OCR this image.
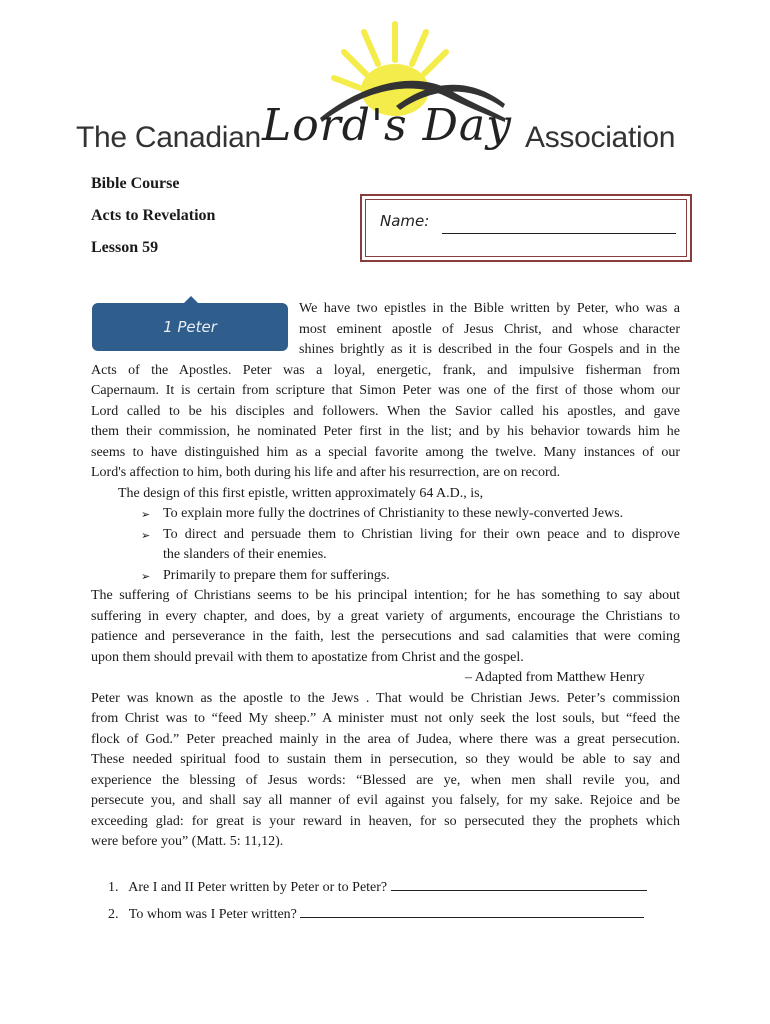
The Canadian Lord's Day Association
Bible Course
Acts to Revelation
Lesson 59
Name:
1 Peter
We have two epistles in the Bible written by Peter, who was a
most eminent apostle of Jesus Christ, and whose character
shines brightly as it is described in the four Gospels and in the
Acts of the Apostles. Peter was a loyal, energetic, frank, and impulsive fisherman from
Capernaum. It is certain from scripture that Simon Peter was one of the first of those whom our
Lord called to be his disciples and followers. When the Savior called his apostles, and gave
them their commission, he nominated Peter first in the list; and by his behavior towards him he
seems to have distinguished him as a special favorite among the twelve. Many instances of our
Lord's affection to him, both during his life and after his resurrection, are on record.
The design of this first epistle, written approximately 64 A.D., is,
➢ To explain more fully the doctrines of Christianity to these newly-converted Jews.
➢ To direct and persuade them to Christian living for their own peace and to disprove
the slanders of their enemies.
➢ Primarily to prepare them for sufferings.
The suffering of Christians seems to be his principal intention; for he has something to say about
suffering in every chapter, and does, by a great variety of arguments, encourage the Christians to
patience and perseverance in the faith, lest the persecutions and sad calamities that were coming
upon them should prevail with them to apostatize from Christ and the gospel.
– Adapted from Matthew Henry
Peter was known as the apostle to the Jews . That would be Christian Jews. Peter’s commission
from Christ was to “feed My sheep.” A minister must not only seek the lost souls, but “feed the
flock of God.” Peter preached mainly in the area of Judea, where there was a great persecution.
These needed spiritual food to sustain them in persecution, so they would be able to say and
experience the blessing of Jesus words: “Blessed are ye, when men shall revile you, and
persecute you, and shall say all manner of evil against you falsely, for my sake. Rejoice and be
exceeding glad: for great is your reward in heaven, for so persecuted they the prophets which
were before you” (Matt. 5: 11,12).
1. Are I and II Peter written by Peter or to Peter?
2. To whom was I Peter written?
